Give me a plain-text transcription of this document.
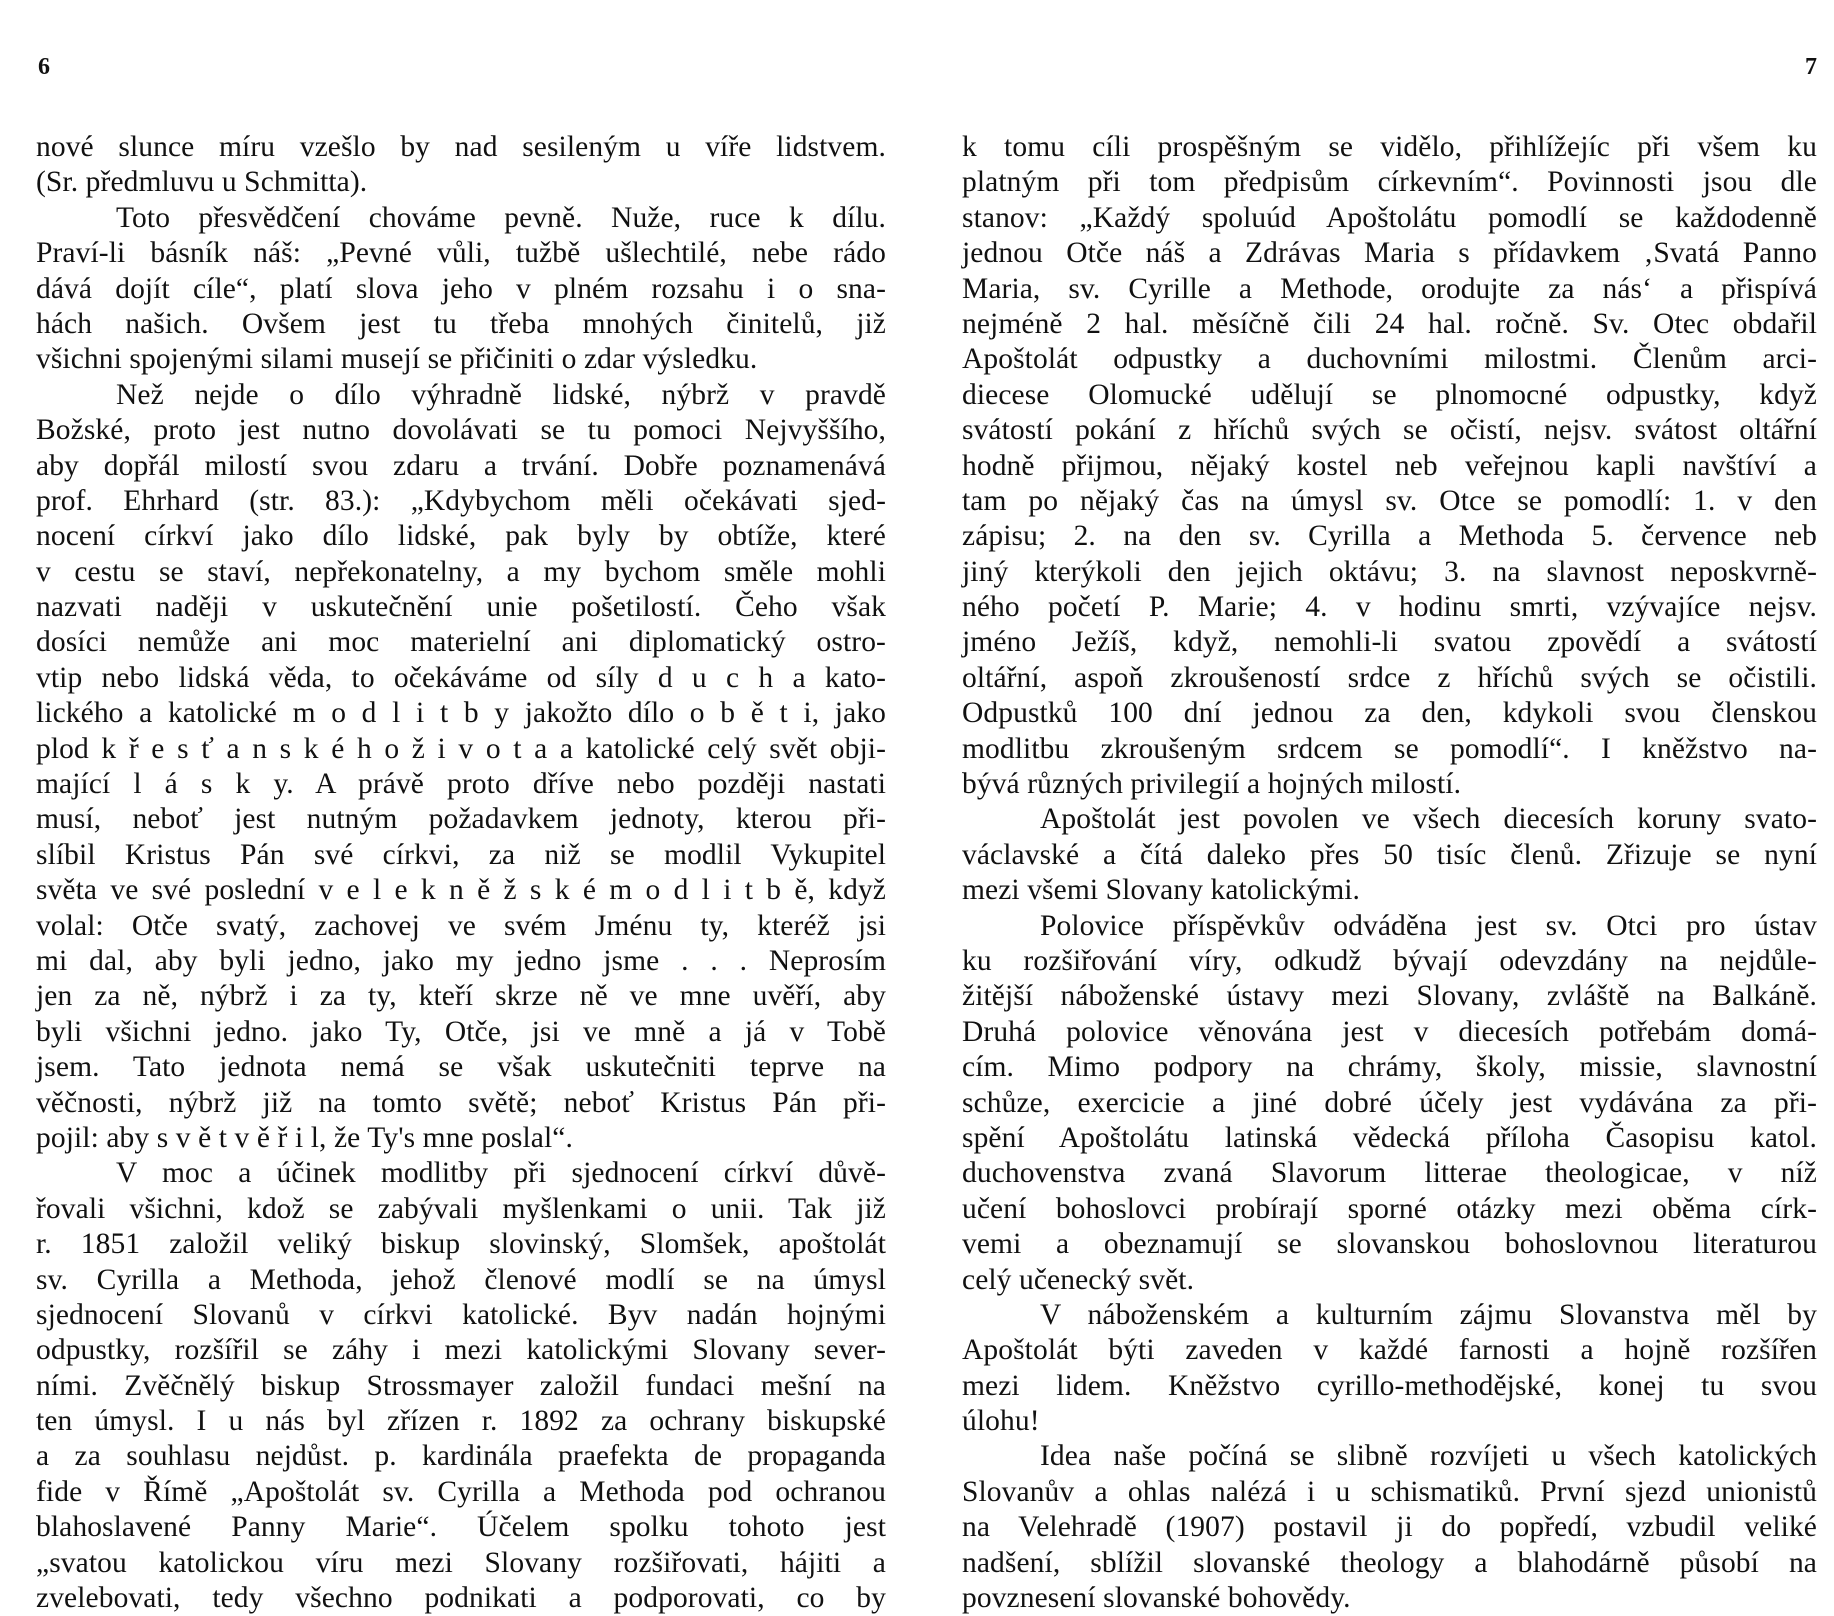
6
nové slunce míru vzešlo by nad sesileným u víře lidstvem.
(Sr. předmluvu u Schmitta).
Toto přesvědčení chováme pevně. Nuže, ruce k dílu.
Praví-li básník náš: „Pevné vůli, tužbě ušlechtilé, nebe rádo
dává dojít cíle“, platí slova jeho v plném rozsahu i o sna-
hách našich. Ovšem jest tu třeba mnohých činitelů, již
všichni spojenými silami musejí se přičiniti o zdar výsledku.
Než nejde o dílo výhradně lidské, nýbrž v pravdě
Božské, proto jest nutno dovolávati se tu pomoci Nejvyššího,
aby dopřál milostí svou zdaru a trvání. Dobře poznamenává
prof. Ehrhard (str. 83.): „Kdybychom měli očekávati sjed-
nocení církví jako dílo lidské, pak byly by obtíže, které
v cestu se staví, nepřekonatelny, a my bychom směle mohli
nazvati naději v uskutečnění unie pošetilostí. Čeho však
dosíci nemůže ani moc materielní ani diplomatický ostro-
vtip nebo lidská věda, to očekáváme od síly d u c h a kato-
lického a katolické m o d l i t b y jakožto dílo o b ě t i, jako
plod k ř e s ť a n s k é h o ž i v o t a a katolické celý svět obji-
mající l á s k y. A právě proto dříve nebo později nastati
musí, neboť jest nutným požadavkem jednoty, kterou při-
slíbil Kristus Pán své církvi, za niž se modlil Vykupitel
světa ve své poslední v e l e k n ě ž s k é m o d l i t b ě, když
volal: Otče svatý, zachovej ve svém Jménu ty, kteréž jsi
mi dal, aby byli jedno, jako my jedno jsme . . . Neprosím
jen za ně, nýbrž i za ty, kteří skrze ně ve mne uvěří, aby
byli všichni jedno. jako Ty, Otče, jsi ve mně a já v Tobě
jsem. Tato jednota nemá se však uskutečniti teprve na
věčnosti, nýbrž již na tomto světě; neboť Kristus Pán při-
pojil: aby s v ě t v ě ř i l, že Ty's mne poslal“.
V moc a účinek modlitby při sjednocení církví důvě-
řovali všichni, kdož se zabývali myšlenkami o unii. Tak již
r. 1851 založil veliký biskup slovinský, Slomšek, apoštolát
sv. Cyrilla a Methoda, jehož členové modlí se na úmysl
sjednocení Slovanů v církvi katolické. Byv nadán hojnými
odpustky, rozšířil se záhy i mezi katolickými Slovany sever-
ními. Zvěčnělý biskup Strossmayer založil fundaci mešní na
ten úmysl. I u nás byl zřízen r. 1892 za ochrany biskupské
a za souhlasu nejdůst. p. kardinála praefekta de propaganda
fide v Římě „Apoštolát sv. Cyrilla a Methoda pod ochranou
blahoslavené Panny Marie“. Účelem spolku tohoto jest
„svatou katolickou víru mezi Slovany rozšiřovati, hájiti a
zvelebovati, tedy všechno podnikati a podporovati, co by
7
k tomu cíli prospěšným se vidělo, přihlížejíc při všem ku
platným při tom předpisům církevním“. Povinnosti jsou dle
stanov: „Každý spoluúd Apoštolátu pomodlí se každodenně
jednou Otče náš a Zdrávas Maria s přídavkem ‚Svatá Panno
Maria, sv. Cyrille a Methode, orodujte za nás‘ a přispívá
nejméně 2 hal. měsíčně čili 24 hal. ročně. Sv. Otec obdařil
Apoštolát odpustky a duchovními milostmi. Členům arci-
diecese Olomucké udělují se plnomocné odpustky, když
svátostí pokání z hříchů svých se očistí, nejsv. svátost oltářní
hodně přijmou, nějaký kostel neb veřejnou kapli navštíví a
tam po nějaký čas na úmysl sv. Otce se pomodlí: 1. v den
zápisu; 2. na den sv. Cyrilla a Methoda 5. července neb
jiný kterýkoli den jejich oktávu; 3. na slavnost neposkvrně-
ného početí P. Marie; 4. v hodinu smrti, vzývajíce nejsv.
jméno Ježíš, když, nemohli-li svatou zpovědí a svátostí
oltářní, aspoň zkroušeností srdce z hříchů svých se očistili.
Odpustků 100 dní jednou za den, kdykoli svou členskou
modlitbu zkroušeným srdcem se pomodlí“. I kněžstvo na-
bývá různých privilegií a hojných milostí.
Apoštolát jest povolen ve všech diecesích koruny svato-
václavské a čítá daleko přes 50 tisíc členů. Zřizuje se nyní
mezi všemi Slovany katolickými.
Polovice příspěvkův odváděna jest sv. Otci pro ústav
ku rozšiřování víry, odkudž bývají odevzdány na nejdůle-
žitější náboženské ústavy mezi Slovany, zvláště na Balkáně.
Druhá polovice věnována jest v diecesích potřebám domá-
cím. Mimo podpory na chrámy, školy, missie, slavnostní
schůze, exercicie a jiné dobré účely jest vydávána za při-
spění Apoštolátu latinská vědecká příloha Časopisu katol.
duchovenstva zvaná Slavorum litterae theologicae, v níž
učení bohoslovci probírají sporné otázky mezi oběma círk-
vemi a obeznamují se slovanskou bohoslovnou literaturou
celý učenecký svět.
V náboženském a kulturním zájmu Slovanstva měl by
Apoštolát býti zaveden v každé farnosti a hojně rozšířen
mezi lidem. Kněžstvo cyrillo-methodějské, konej tu svou
úlohu!
Idea naše počíná se slibně rozvíjeti u všech katolických
Slovanův a ohlas nalézá i u schismatiků. První sjezd unionistů
na Velehradě (1907) postavil ji do popředí, vzbudil veliké
nadšení, sblížil slovanské theology a blahodárně působí na
povznesení slovanské bohovědy.
